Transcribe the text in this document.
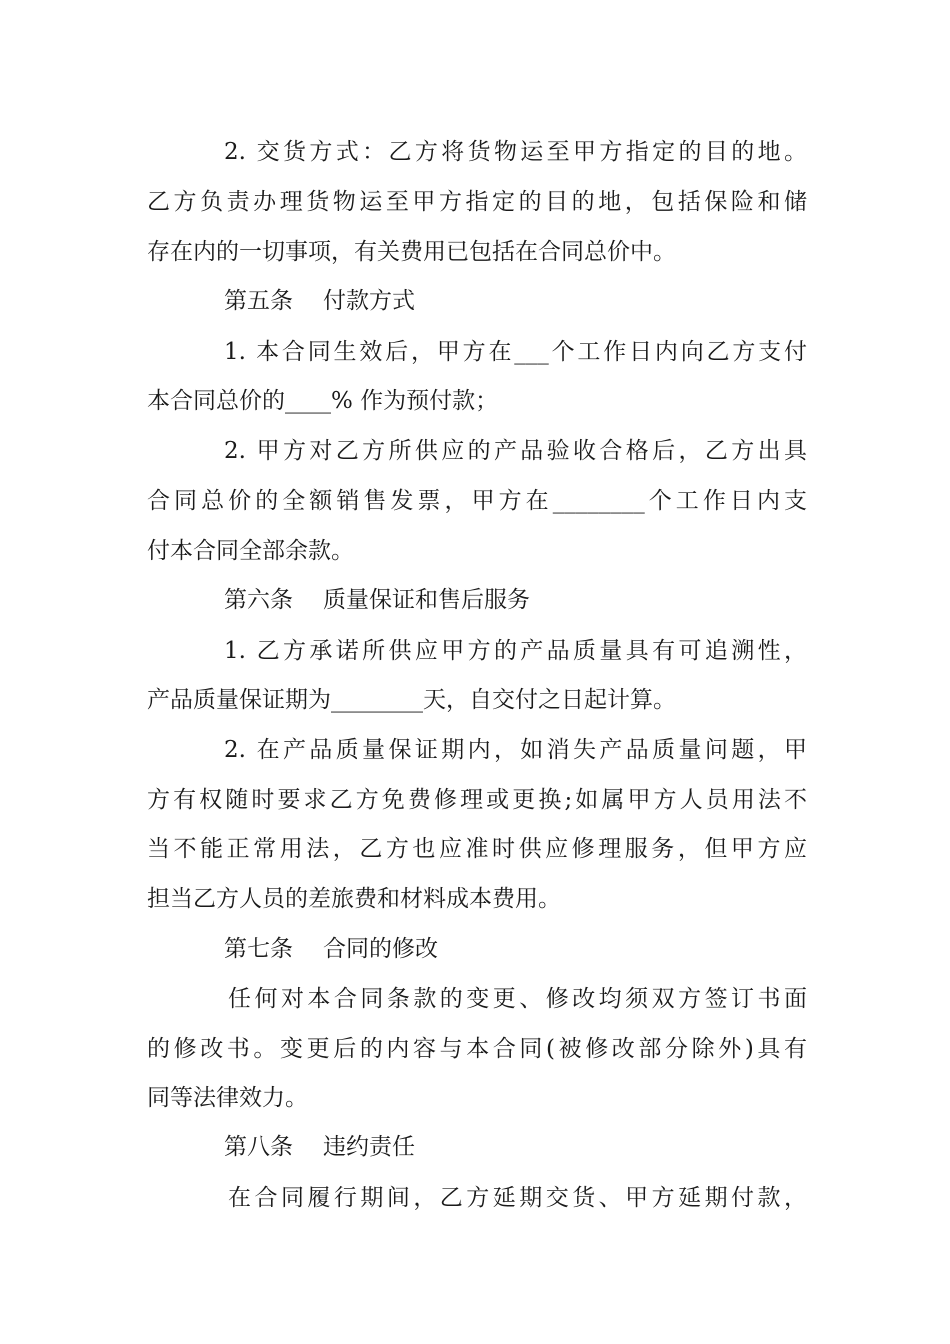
2. 交货方式：乙方将货物运至甲方指定的目的地。
乙方负责办理货物运至甲方指定的目的地，包括保险和储
存在内的一切事项，有关费用已包括在合同总价中。
第五条 付款方式
1. 本合同生效后，甲方在___个工作日内向乙方支付
本合同总价的____% 作为预付款；
2. 甲方对乙方所供应的产品验收合格后，乙方出具
合同总价的全额销售发票，甲方在________个工作日内支
付本合同全部余款。
第六条 质量保证和售后服务
1. 乙方承诺所供应甲方的产品质量具有可追溯性，
产品质量保证期为________天，自交付之日起计算。
2. 在产品质量保证期内，如消失产品质量问题，甲
方有权随时要求乙方免费修理或更换;如属甲方人员用法不
当不能正常用法，乙方也应准时供应修理服务，但甲方应
担当乙方人员的差旅费和材料成本费用。
第七条 合同的修改
任何对本合同条款的变更、修改均须双方签订书面
的修改书。变更后的内容与本合同(被修改部分除外)具有
同等法律效力。
第八条 违约责任
在合同履行期间，乙方延期交货、甲方延期付款，
